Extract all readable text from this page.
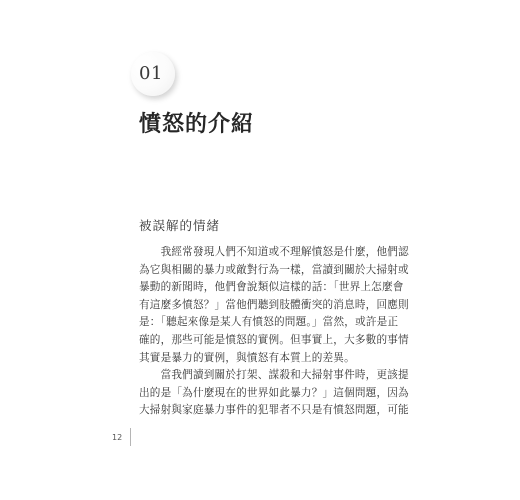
01
憤怒的介紹
被誤解的情緒
　　我經常發現人們不知道或不理解憤怒是什麼，他們認
為它與相關的暴力或敵對行為一樣，當讀到關於大掃射或
暴動的新聞時，他們會說類似這樣的話：「世界上怎麼會
有這麼多憤怒？」當他們聽到肢體衝突的消息時，回應則
是：「聽起來像是某人有憤怒的問題。」當然，或許是正
確的，那些可能是憤怒的實例。但事實上，大多數的事情
其實是暴力的實例，與憤怒有本質上的差異。
　　當我們讀到關於打架、謀殺和大掃射事件時，更該提
出的是「為什麼現在的世界如此暴力？」這個問題，因為
大掃射與家庭暴力事件的犯罪者不只是有憤怒問題，可能
12
